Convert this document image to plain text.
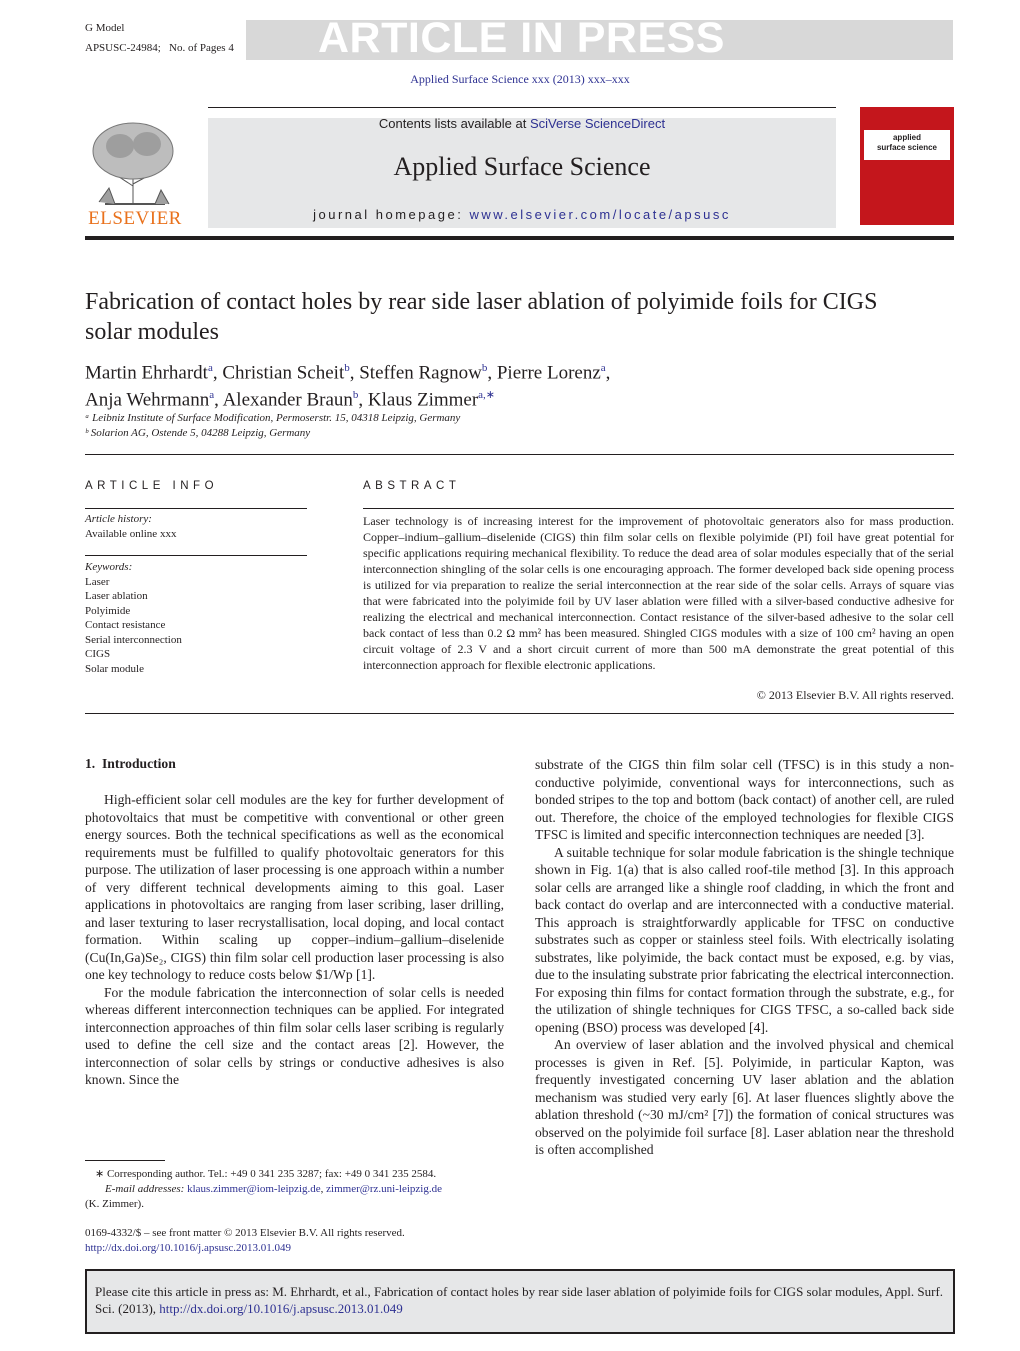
G Model
APSUSC-24984; No. of Pages 4 ARTICLE IN PRESS
Applied Surface Science xxx (2013) xxx–xxx
ELSEVIER
Contents lists available at SciVerse ScienceDirect
Applied Surface Science
journal homepage: www.elsevier.com/locate/apsusc
applied
surface science
Fabrication of contact holes by rear side laser ablation of polyimide foils for CIGS
solar modules
Martin Ehrhardt$^a$, Christian Scheit$^b$, Steffen Ragnow$^b$, Pierre Lorenz$^a$,
Anja Wehrmann$^a$, Alexander Braun$^b$, Klaus Zimmer$^{a,∗}$
ᵃ Leibniz Institute of Surface Modification, Permoserstr. 15, 04318 Leipzig, Germany
ᵇ Solarion AG, Ostende 5, 04288 Leipzig, Germany
ARTICLE INFO
Article history:
Available online xxx
Keywords:
Laser
Laser ablation
Polyimide
Contact resistance
Serial interconnection
CIGS
Solar module
ABSTRACT
Laser technology is of increasing interest for the improvement of photovoltaic generators also for mass production. Copper–indium–gallium–diselenide (CIGS) thin film solar cells on flexible polyimide (PI) foil have great potential for specific applications requiring mechanical flexibility. To reduce the dead area of solar modules especially that of the serial interconnection shingling of the solar cells is one encouraging approach. The former developed back side opening process is utilized for via preparation to realize the serial interconnection at the rear side of the solar cells. Arrays of square vias that were fabricated into the polyimide foil by UV laser ablation were filled with a silver-based conductive adhesive for realizing the electrical and mechanical interconnection. Contact resistance of the silver-based adhesive to the solar cell back contact of less than 0.2 Ω mm² has been measured. Shingled CIGS modules with a size of 100 cm² having an open circuit voltage of 2.3 V and a short circuit current of more than 500 mA demonstrate the great potential of this interconnection approach for flexible electronic applications.
© 2013 Elsevier B.V. All rights reserved.
1.  Introduction

High-efficient solar cell modules are the key for further development of photovoltaics that must be competitive with conventional or other green energy sources. Both the technical specifications as well as the economical requirements must be fulfilled to qualify photovoltaic generators for this purpose. The utilization of laser processing is one approach within a number of very different technical developments aiming to this goal. Laser applications in photovoltaics are ranging from laser scribing, laser drilling, and laser texturing to laser recrystallisation, local doping, and local contact formation. Within scaling up copper–indium–gallium–diselenide (Cu(In,Ga)Se₂, CIGS) thin film solar cell production laser processing is also one key technology to reduce costs below $1/Wp [1].

For the module fabrication the interconnection of solar cells is needed whereas different interconnection techniques can be applied. For integrated interconnection approaches of thin film solar cells laser scribing is regularly used to define the cell size and the contact areas [2]. However, the interconnection of solar cells by strings or conductive adhesives is also known. Since the

substrate of the CIGS thin film solar cell (TFSC) is in this study a non-conductive polyimide, conventional ways for interconnections, such as bonded stripes to the top and bottom (back contact) of another cell, are ruled out. Therefore, the choice of the employed technologies for flexible CIGS TFSC is limited and specific interconnection techniques are needed [3].

A suitable technique for solar module fabrication is the shingle technique shown in Fig. 1(a) that is also called roof-tile method [3]. In this approach solar cells are arranged like a shingle roof cladding, in which the front and back contact do overlap and are interconnected with a conductive material. This approach is straightforwardly applicable for TFSC on conductive substrates such as copper or stainless steel foils. With electrically isolating substrates, like polyimide, the back contact must be exposed, e.g. by vias, due to the insulating substrate prior fabricating the electrical interconnection. For exposing thin films for contact formation through the substrate, e.g., for the utilization of shingle techniques for CIGS TFSC, a so-called back side opening (BSO) process was developed [4].

An overview of laser ablation and the involved physical and chemical processes is given in Ref. [5]. Polyimide, in particular Kapton, was frequently investigated concerning UV laser ablation and the ablation mechanism was studied very early [6]. At laser fluences slightly above the ablation threshold (~30 mJ/cm² [7]) the formation of conical structures was observed on the polyimide foil surface [8]. Laser ablation near the threshold is often accomplished

∗ Corresponding author. Tel.: +49 0 341 235 3287; fax: +49 0 341 235 2584.
E-mail addresses: klaus.zimmer@iom-leipzig.de, zimmer@rz.uni-leipzig.de
(K. Zimmer).
0169-4332/$ – see front matter © 2013 Elsevier B.V. All rights reserved.
http://dx.doi.org/10.1016/j.apsusc.2013.01.049
Please cite this article in press as: M. Ehrhardt, et al., Fabrication of contact holes by rear side laser ablation of polyimide foils for CIGS solar modules, Appl. Surf. Sci. (2013), http://dx.doi.org/10.1016/j.apsusc.2013.01.049
